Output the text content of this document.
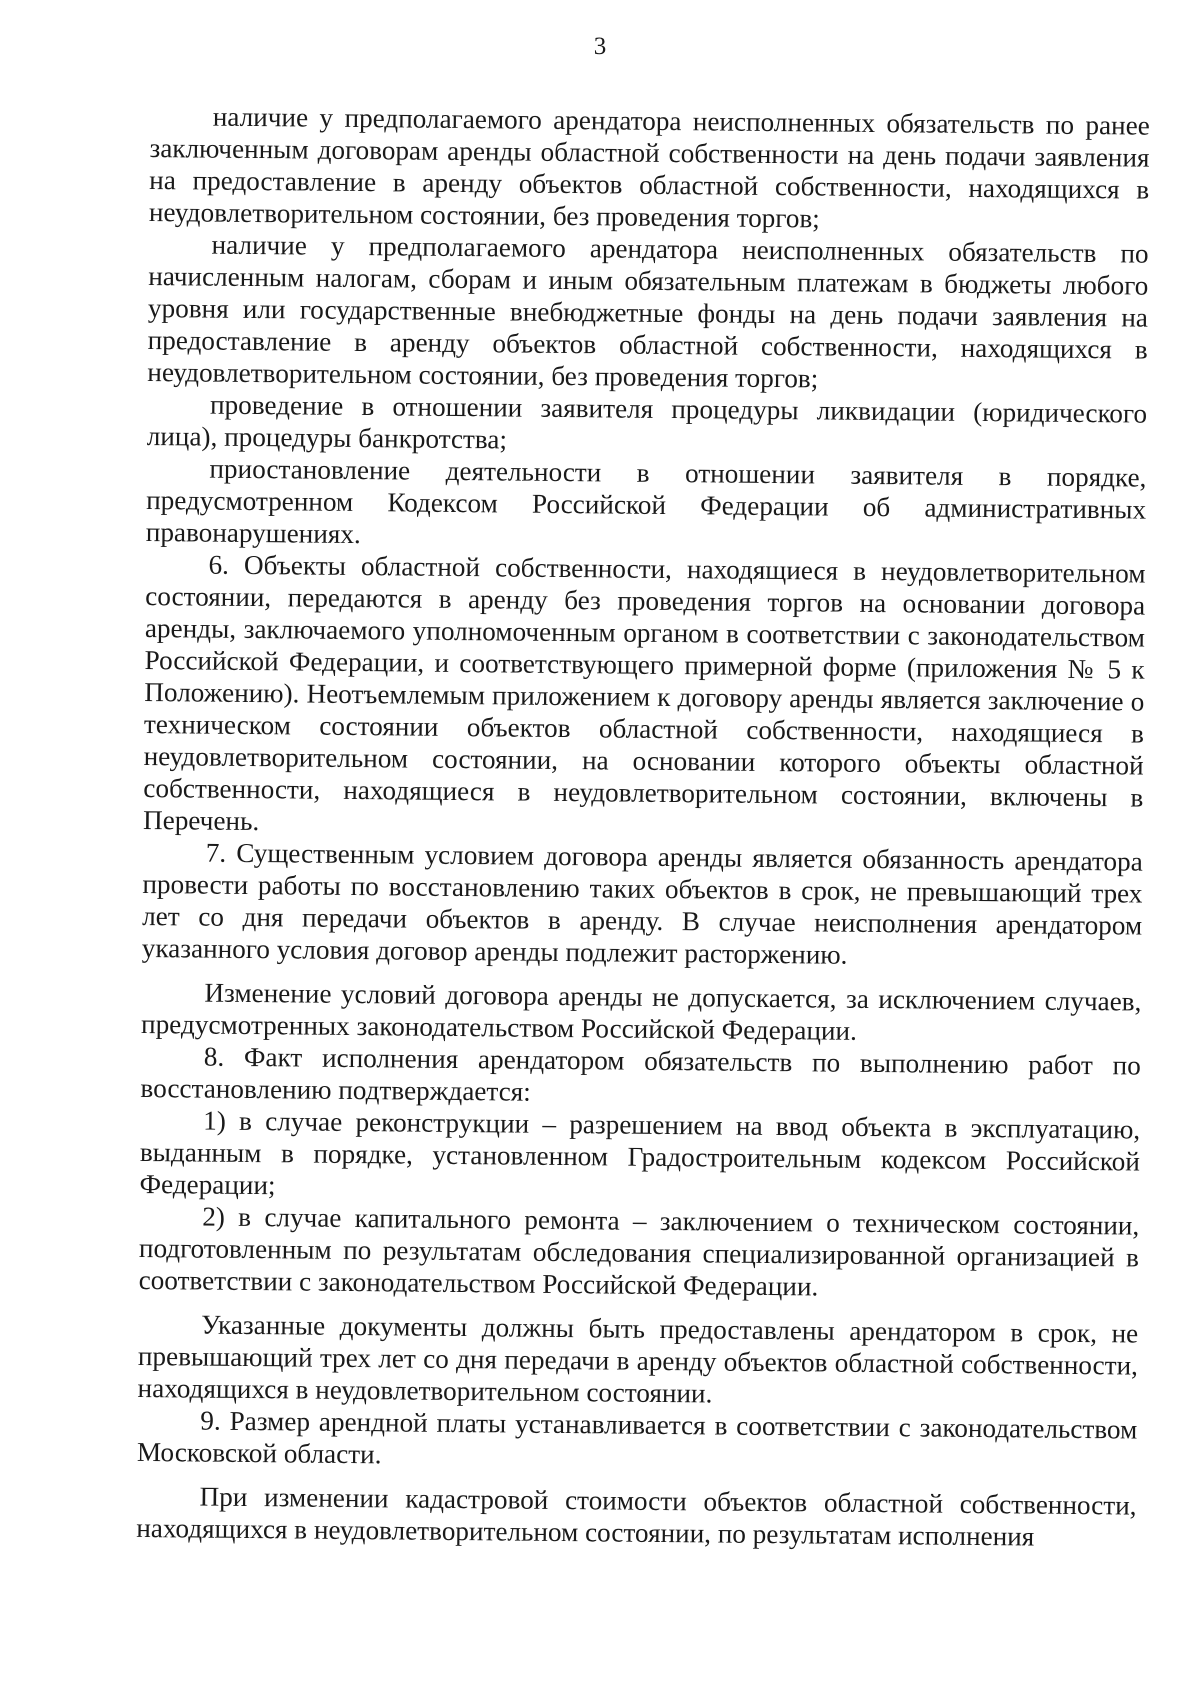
3

наличие у предполагаемого арендатора неисполненных обязательств по ранее заключенным договорам аренды областной собственности на день подачи заявления на предоставление в аренду объектов областной собственности, находящихся в неудовлетворительном состоянии, без проведения торгов;

наличие у предполагаемого арендатора неисполненных обязательств по начисленным налогам, сборам и иным обязательным платежам в бюджеты любого уровня или государственные внебюджетные фонды на день подачи заявления на предоставление в аренду объектов областной собственности, находящихся в неудовлетворительном состоянии, без проведения торгов;

проведение в отношении заявителя процедуры ликвидации (юридического лица), процедуры банкротства;

приостановление деятельности в отношении заявителя в порядке, предусмотренном Кодексом Российской Федерации об административных правонарушениях.

6. Объекты областной собственности, находящиеся в неудовлетворительном состоянии, передаются в аренду без проведения торгов на основании договора аренды, заключаемого уполномоченным органом в соответствии с законодательством Российской Федерации, и соответствующего примерной форме (приложения № 5 к Положению). Неотъемлемым приложением к договору аренды является заключение о техническом состоянии объектов областной собственности, находящиеся в неудовлетворительном состоянии, на основании которого объекты областной собственности, находящиеся в неудовлетворительном состоянии, включены в Перечень.

7. Существенным условием договора аренды является обязанность арендатора провести работы по восстановлению таких объектов в срок, не превышающий трех лет со дня передачи объектов в аренду. В случае неисполнения арендатором указанного условия договор аренды подлежит расторжению.

Изменение условий договора аренды не допускается, за исключением случаев, предусмотренных законодательством Российской Федерации.

8. Факт исполнения арендатором обязательств по выполнению работ по восстановлению подтверждается:

1) в случае реконструкции – разрешением на ввод объекта в эксплуатацию, выданным в порядке, установленном Градостроительным кодексом Российской Федерации;

2) в случае капитального ремонта – заключением о техническом состоянии, подготовленным по результатам обследования специализированной организацией в соответствии с законодательством Российской Федерации.

Указанные документы должны быть предоставлены арендатором в срок, не превышающий трех лет со дня передачи в аренду объектов областной собственности, находящихся в неудовлетворительном состоянии.

9. Размер арендной платы устанавливается в соответствии с законодательством Московской области.

При изменении кадастровой стоимости объектов областной собственности, находящихся в неудовлетворительном состоянии, по результатам исполнения
